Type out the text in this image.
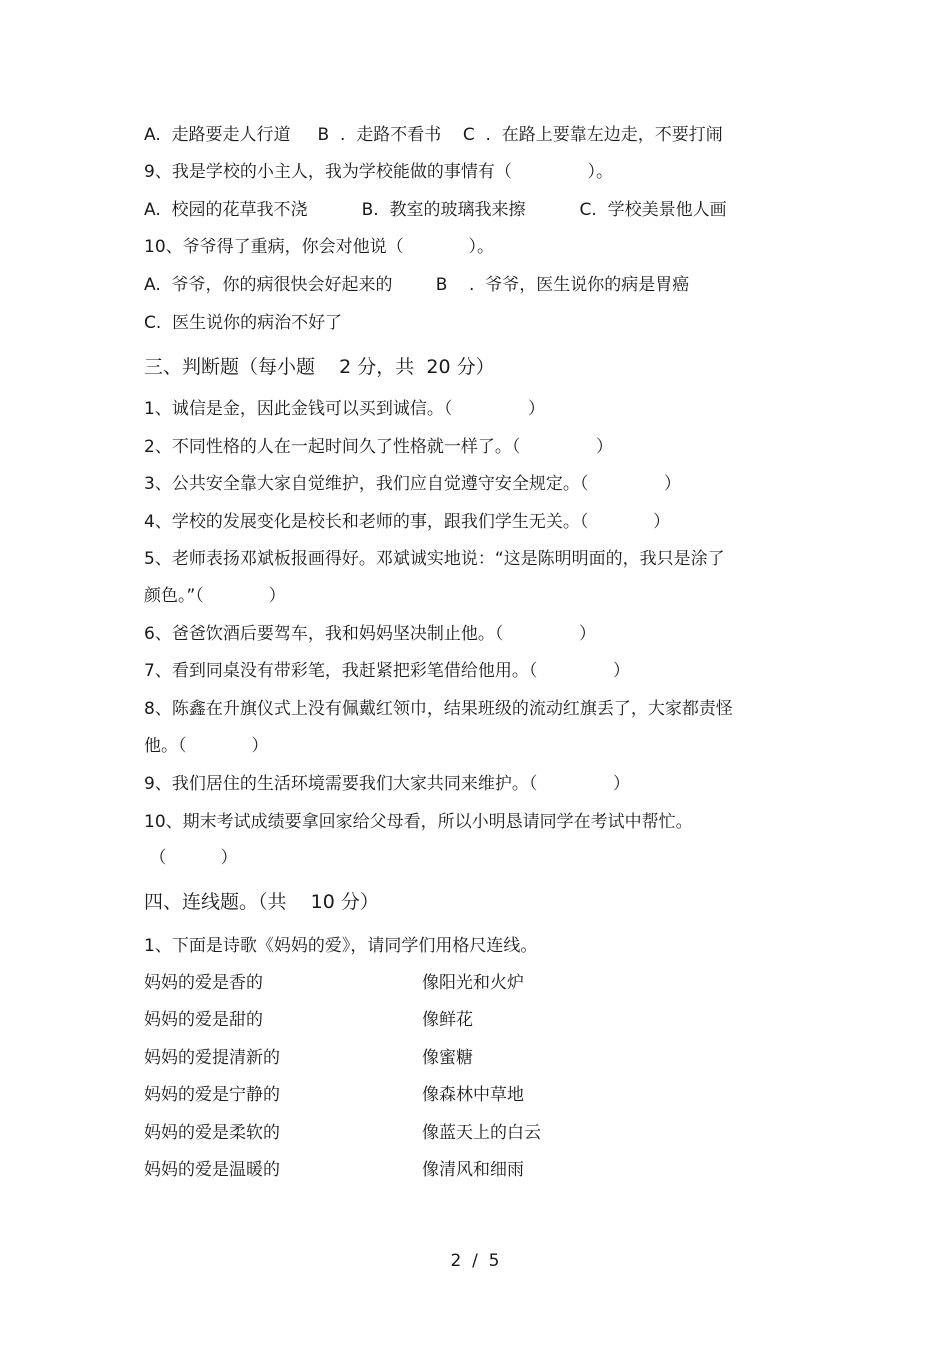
A.  走路要走人行道     B  .  走路不看书    C  .  在路上要靠左边走，不要打闹
9、我是学校的小主人，我为学校能做的事情有（              ）。
A.  校园的花草我不浇          B.  教室的玻璃我来擦          C.  学校美景他人画
10、爷爷得了重病，你会对他说（            ）。
A.  爷爷，你的病很快会好起来的        B    .  爷爷，医生说你的病是胃癌
C.  医生说你的病治不好了
三、判断题（每小题    2 分，共  20 分）
1、诚信是金，因此金钱可以买到诚信。（              ）
2、不同性格的人在一起时间久了性格就一样了。（              ）
3、公共安全靠大家自觉维护，我们应自觉遵守安全规定。（              ）
4、学校的发展变化是校长和老师的事，跟我们学生无关。（            ）
5、老师表扬邓斌板报画得好。邓斌诚实地说：“这是陈明明面的，我只是涂了
颜色。”（            ）
6、爸爸饮酒后要驾车，我和妈妈坚决制止他。（              ）
7、看到同桌没有带彩笔，我赶紧把彩笔借给他用。（              ）
8、陈鑫在升旗仪式上没有佩戴红领巾，结果班级的流动红旗丢了，大家都责怪
他。（            ）
9、我们居住的生活环境需要我们大家共同来维护。（              ）
10、期末考试成绩要拿回家给父母看，所以小明恳请同学在考试中帮忙。
（          ）
四、连线题。（共    10 分）
1、下面是诗歌《妈妈的爱》，请同学们用格尺连线。
妈妈的爱是香的	像阳光和火炉
妈妈的爱是甜的	像鲜花
妈妈的爱提清新的	像蜜糖
妈妈的爱是宁静的	像森林中草地
妈妈的爱是柔软的	像蓝天上的白云
妈妈的爱是温暖的	像清风和细雨
2  /  5
